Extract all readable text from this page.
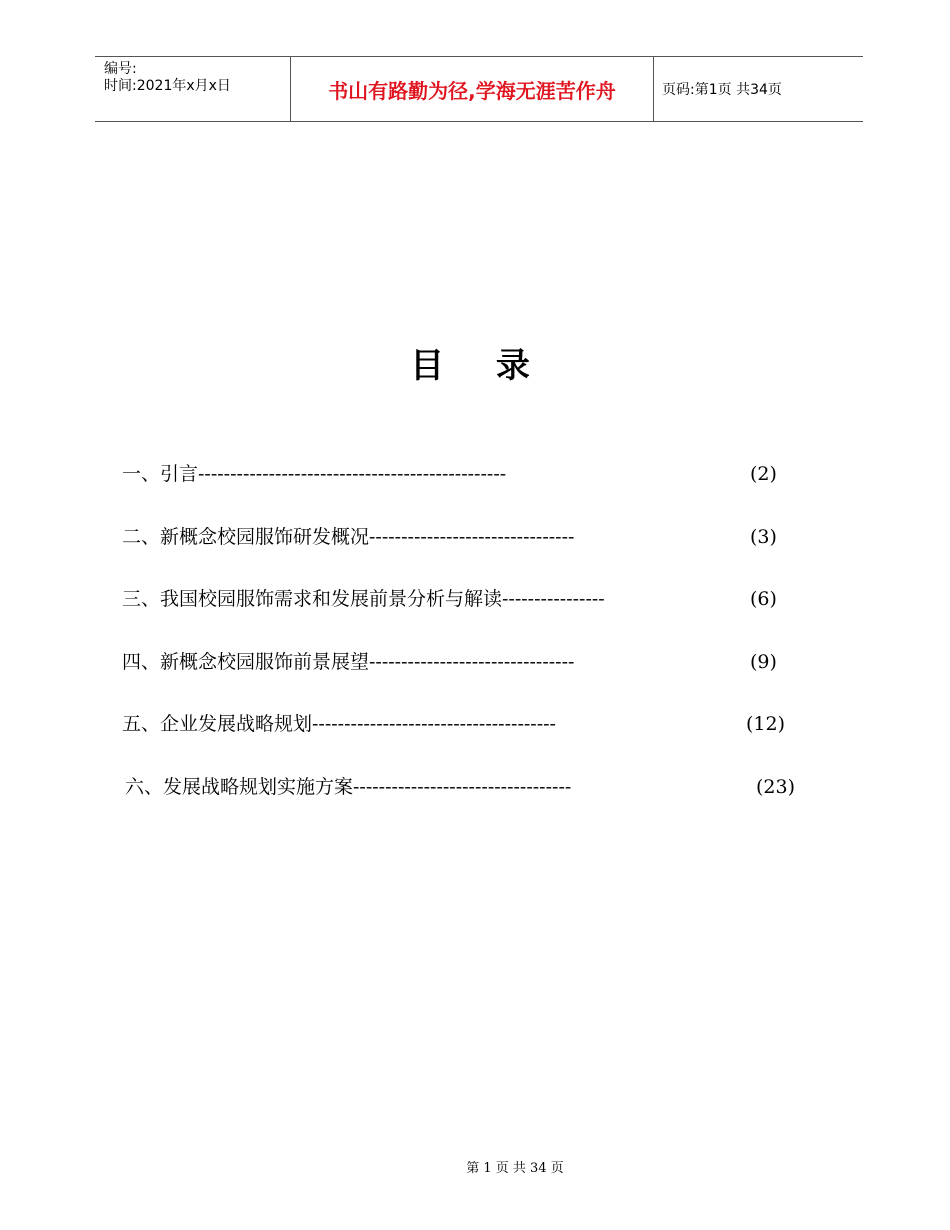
编号:
时间:2021年x月x日	书山有路勤为径,学海无涯苦作舟	页码:第1页 共34页
目 录
一、引言------------------------------------------------	(2)
二、新概念校园服饰研发概况--------------------------------	(3)
三、我国校园服饰需求和发展前景分析与解读----------------	(6)
四、新概念校园服饰前景展望--------------------------------	(9)
五、企业发展战略规划--------------------------------------	(12)
六、发展战略规划实施方案----------------------------------	(23)
第 1 页 共 34 页
